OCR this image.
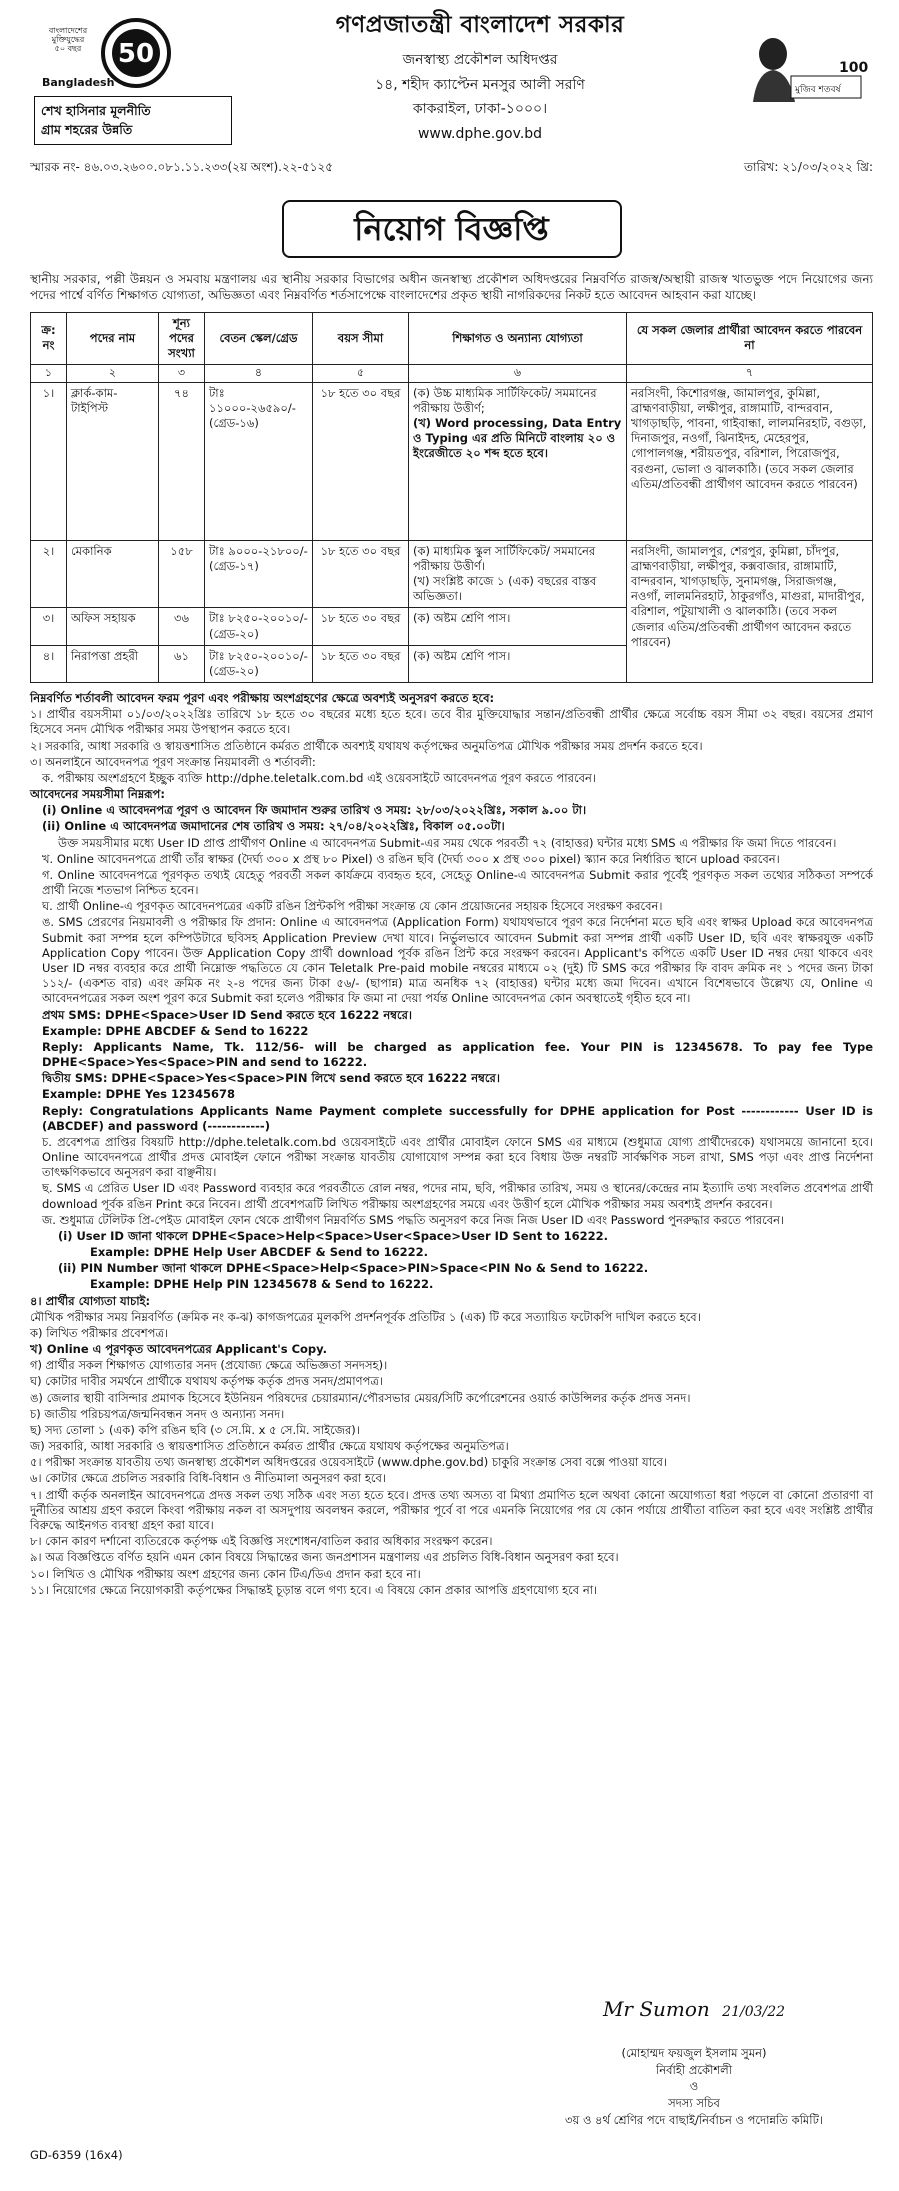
বাংলাদেশের
মুক্তিযুদ্ধের
৫০ বছর	50
Bangladesh
শেখ হাসিনার মূলনীতি
গ্রাম শহরের উন্নতি
গণপ্রজাতন্ত্রী বাংলাদেশ সরকার
জনস্বাস্থ্য প্রকৌশল অধিদপ্তর
১৪, শহীদ ক্যাপ্টেন মনসুর আলী সরণি
কাকরাইল, ঢাকা-১০০০।
www.dphe.gov.bd
মুজিব শতবর্ষ
100
স্মারক নং- ৪৬.০৩.২৬০০.০৮১.১১.২৩৩(২য় অংশ).২২-৫১২৫	তারিখ: ২১/০৩/২০২২ খ্রি:
নিয়োগ বিজ্ঞপ্তি
স্থানীয় সরকার, পল্লী উন্নয়ন ও সমবায় মন্ত্রণালয় এর স্থানীয় সরকার বিভাগের অধীন জনস্বাস্থ্য প্রকৌশল অধিদপ্তরের নিম্নবর্ণিত রাজস্ব/অস্থায়ী রাজস্ব খাতভুক্ত পদে নিয়োগের জন্য পদের পার্শ্বে বর্ণিত শিক্ষাগত যোগ্যতা, অভিজ্ঞতা এবং নিম্নবর্ণিত শর্তসাপেক্ষে বাংলাদেশের প্রকৃত স্থায়ী নাগরিকদের নিকট হতে আবেদন আহবান করা যাচ্ছে।
ক্র: নং	পদের নাম	শূন্য পদের সংখ্যা	বেতন স্কেল/গ্রেড	বয়স সীমা	শিক্ষাগত ও অন্যান্য যোগ্যতা	যে সকল জেলার প্রার্থীরা আবেদন করতে পারবেন না
১	২	৩	৪	৫	৬	৭
১।	ক্লার্ক-কাম-টাইপিস্ট	৭৪	টাঃ ১১০০০-২৬৫৯০/- (গ্রেড-১৬)	১৮ হতে ৩০ বছর	(ক) উচ্চ মাধ্যমিক সার্টিফিকেট/ সমমানের পরীক্ষায় উত্তীর্ণ;
(খ) Word processing, Data Entry ও Typing এর প্রতি মিনিটে বাংলায় ২০ ও ইংরেজীতে ২০ শব্দ হতে হবে।	নরসিংদী, কিশোরগঞ্জ, জামালপুর, কুমিল্লা, ব্রাহ্মণবাড়ীয়া, লক্ষীপুর, রাঙ্গামাটি, বান্দরবান, খাগড়াছড়ি, পাবনা, গাইবান্ধা, লালমনিরহাট, বগুড়া, দিনাজপুর, নওগাঁ, ঝিনাইদহ, মেহেরপুর, গোপালগঞ্জ, শরীয়তপুর, বরিশাল, পিরোজপুর, বরগুনা, ভোলা ও ঝালকাঠি। (তবে সকল জেলার এতিম/প্রতিবন্ধী প্রার্থীগণ আবেদন করতে পারবেন)
২।	মেকানিক	১৫৮	টাঃ ৯০০০-২১৮০০/- (গ্রেড-১৭)	১৮ হতে ৩০ বছর	(ক) মাধ্যমিক স্কুল সার্টিফিকেট/ সমমানের পরীক্ষায় উত্তীর্ণ।
(খ) সংশ্লিষ্ট কাজে ১ (এক) বছরের বাস্তব অভিজ্ঞতা।	নরসিংদী, জামালপুর, শেরপুর, কুমিল্লা, চাঁদপুর, ব্রাহ্মণবাড়ীয়া, লক্ষীপুর, কক্সবাজার, রাঙ্গামাটি, বান্দরবান, খাগড়াছড়ি, সুনামগঞ্জ, সিরাজগঞ্জ, নওগাঁ, লালমনিরহাট, ঠাকুরগাঁও, মাগুরা, মাদারীপুর, বরিশাল, পটুয়াখালী ও ঝালকাঠি। (তবে সকল জেলার এতিম/প্রতিবন্ধী প্রার্থীগণ আবেদন করতে পারবেন)
৩।	অফিস সহায়ক	৩৬	টাঃ ৮২৫০-২০০১০/- (গ্রেড-২০)	১৮ হতে ৩০ বছর	(ক) অষ্টম শ্রেণি পাস।	

৪।	নিরাপত্তা প্রহরী	৬১	টাঃ ৮২৫০-২০০১০/- (গ্রেড-২০)	১৮ হতে ৩০ বছর	(ক) অষ্টম শ্রেণি পাস।	

নিম্নবর্ণিত শর্তাবলী আবেদন ফরম পূরণ এবং পরীক্ষায় অংশগ্রহণের ক্ষেত্রে অবশ্যই অনুসরণ করতে হবে:

১। প্রার্থীর বয়সসীমা ০১/০৩/২০২২খ্রিঃ তারিখে ১৮ হতে ৩০ বছরের মধ্যে হতে হবে। তবে বীর মুক্তিযোদ্ধার সন্তান/প্রতিবন্ধী প্রার্থীর ক্ষেত্রে সর্বোচ্চ বয়স সীমা ৩২ বছর। বয়সের প্রমাণ হিসেবে সনদ মৌখিক পরীক্ষার সময় উপস্থাপন করতে হবে।

২। সরকারি, আধা সরকারি ও স্বায়ত্তশাসিত প্রতিষ্ঠানে কর্মরত প্রার্থীকে অবশ্যই যথাযথ কর্তৃপক্ষের অনুমতিপত্র মৌখিক পরীক্ষার সময় প্রদর্শন করতে হবে।

৩। অনলাইনে আবেদনপত্র পূরণ সংক্রান্ত নিয়মাবলী ও শর্তাবলী:

ক. পরীক্ষায় অংশগ্রহণে ইচ্ছুক ব্যক্তি http://dphe.teletalk.com.bd এই ওয়েবসাইটে আবেদনপত্র পূরণ করতে পারবেন।

আবেদনের সময়সীমা নিম্নরূপ:

(i) Online এ আবেদনপত্র পূরণ ও আবেদন ফি জমাদান শুরুর তারিখ ও সময়: ২৮/০৩/২০২২খ্রিঃ, সকাল ৯.০০ টা।

(ii) Online এ আবেদনপত্র জমাদানের শেষ তারিখ ও সময়: ২৭/০৪/২০২২খ্রিঃ, বিকাল ০৫.০০টা।

উক্ত সময়সীমার মধ্যে User ID প্রাপ্ত প্রার্থীগণ Online এ আবেদনপত্র Submit-এর সময় থেকে পরবর্তী ৭২ (বাহাত্তর) ঘন্টার মধ্যে SMS এ পরীক্ষার ফি জমা দিতে পারবেন।

খ. Online আবেদনপত্রে প্রার্থী তাঁর স্বাক্ষর (দৈর্ঘ্য ৩০০ x প্রস্থ ৮০ Pixel) ও রঙিন ছবি (দৈর্ঘ্য ৩০০ x প্রস্থ ৩০০ pixel) স্ক্যান করে নির্ধারিত স্থানে upload করবেন।

গ. Online আবেদনপত্রে পূরণকৃত তথ্যই যেহেতু পরবর্তী সকল কার্যক্রমে ব্যবহৃত হবে, সেহেতু Online-এ আবেদনপত্র Submit করার পূর্বেই পূরণকৃত সকল তথ্যের সঠিকতা সম্পর্কে প্রার্থী নিজে শতভাগ নিশ্চিত হবেন।

ঘ. প্রার্থী Online-এ পূরণকৃত আবেদনপত্রের একটি রঙিন প্রিন্টকপি পরীক্ষা সংক্রান্ত যে কোন প্রয়োজনের সহায়ক হিসেবে সংরক্ষণ করবেন।

ঙ. SMS প্রেরণের নিয়মাবলী ও পরীক্ষার ফি প্রদান: Online এ আবেদনপত্র (Application Form) যথাযথভাবে পূরণ করে নির্দেশনা মতে ছবি এবং স্বাক্ষর Upload করে আবেদনপত্র Submit করা সম্পন্ন হলে কম্পিউটারে ছবিসহ Application Preview দেখা যাবে। নির্ভুলভাবে আবেদন Submit করা সম্পন্ন প্রার্থী একটি User ID, ছবি এবং স্বাক্ষরযুক্ত একটি Application Copy পাবেন। উক্ত Application Copy প্রার্থী download পূর্বক রঙিন প্রিন্ট করে সংরক্ষণ করবেন। Applicant's কপিতে একটি User ID নম্বর দেয়া থাকবে এবং User ID নম্বর ব্যবহার করে প্রার্থী নিম্নোক্ত পদ্ধতিতে যে কোন Teletalk Pre-paid mobile নম্বরের মাধ্যমে ০২ (দুই) টি SMS করে পরীক্ষার ফি বাবদ ক্রমিক নং ১ পদের জন্য টাকা ১১২/- (একশত বার) এবং ক্রমিক নং ২-৪ পদের জন্য টাকা ৫৬/- (ছাপান্ন) মাত্র অনধিক ৭২ (বাহাত্তর) ঘন্টার মধ্যে জমা দিবেন। এখানে বিশেষভাবে উল্লেখ্য যে, Online এ আবেদনপত্রের সকল অংশ পূরণ করে Submit করা হলেও পরীক্ষার ফি জমা না দেয়া পর্যন্ত Online আবেদনপত্র কোন অবস্থাতেই গৃহীত হবে না।

প্রথম SMS: DPHE<Space>User ID Send করতে হবে 16222 নম্বরে।

Example: DPHE ABCDEF & Send to 16222

Reply: Applicants Name, Tk. 112/56- will be charged as application fee. Your PIN is 12345678. To pay fee Type DPHE<Space>Yes<Space>PIN and send to 16222.

দ্বিতীয় SMS: DPHE<Space>Yes<Space>PIN লিখে send করতে হবে 16222 নম্বরে।

Example: DPHE Yes 12345678

Reply: Congratulations Applicants Name Payment complete successfully for DPHE application for Post ------------ User ID is (ABCDEF) and password (------------)

চ. প্রবেশপত্র প্রাপ্তির বিষয়টি http://dphe.teletalk.com.bd ওয়েবসাইটে এবং প্রার্থীর মোবাইল ফোনে SMS এর মাধ্যমে (শুধুমাত্র যোগ্য প্রার্থীদেরকে) যথাসময়ে জানানো হবে। Online আবেদনপত্রে প্রার্থীর প্রদত্ত মোবাইল ফোনে পরীক্ষা সংক্রান্ত যাবতীয় যোগাযোগ সম্পন্ন করা হবে বিধায় উক্ত নম্বরটি সার্বক্ষণিক সচল রাখা, SMS পড়া এবং প্রাপ্ত নির্দেশনা তাৎক্ষণিকভাবে অনুসরণ করা বাঞ্ছনীয়।

ছ. SMS এ প্রেরিত User ID এবং Password ব্যবহার করে পরবর্তীতে রোল নম্বর, পদের নাম, ছবি, পরীক্ষার তারিখ, সময় ও স্থানের/কেন্দ্রের নাম ইত্যাদি তথ্য সংবলিত প্রবেশপত্র প্রার্থী download পূর্বক রঙিন Print করে নিবেন। প্রার্থী প্রবেশপত্রটি লিখিত পরীক্ষায় অংশগ্রহণের সময়ে এবং উত্তীর্ণ হলে মৌখিক পরীক্ষার সময় অবশ্যই প্রদর্শন করবেন।

জ. শুধুমাত্র টেলিটক প্রি-পেইড মোবাইল ফোন থেকে প্রার্থীগণ নিম্নবর্ণিত SMS পদ্ধতি অনুসরণ করে নিজ নিজ User ID এবং Password পুনরুদ্ধার করতে পারবেন।

(i) User ID জানা থাকলে DPHE<Space>Help<Space>User<Space>User ID Sent to 16222.

Example: DPHE Help User ABCDEF & Send to 16222.

(ii) PIN Number জানা থাকলে DPHE<Space>Help<Space>PIN>Space<PIN No & Send to 16222.

Example: DPHE Help PIN 12345678 & Send to 16222.

৪। প্রার্থীর যোগ্যতা যাচাই:

মৌখিক পরীক্ষার সময় নিম্নবর্ণিত (ক্রমিক নং ক-ঝ) কাগজপত্রের মূলকপি প্রদর্শনপূর্বক প্রতিটির ১ (এক) টি করে সত্যায়িত ফটোকপি দাখিল করতে হবে।

ক) লিখিত পরীক্ষার প্রবেশপত্র।

খ) Online এ পূরণকৃত আবেদনপত্রের Applicant's Copy.

গ) প্রার্থীর সকল শিক্ষাগত যোগ্যতার সনদ (প্রযোজ্য ক্ষেত্রে অভিজ্ঞতা সনদসহ)।

ঘ) কোটার দাবীর সমর্থনে প্রার্থীকে যথাযথ কর্তৃপক্ষ কর্তৃক প্রদত্ত সনদ/প্রমাণপত্র।

ঙ) জেলার স্থায়ী বাসিন্দার প্রমাণক হিসেবে ইউনিয়ন পরিষদের চেয়ারম্যান/পৌরসভার মেয়র/সিটি কর্পোরেশনের ওয়ার্ড কাউন্সিলর কর্তৃক প্রদত্ত সনদ।

চ) জাতীয় পরিচয়পত্র/জন্মনিবন্ধন সনদ ও অন্যান্য সনদ।

ছ) সদ্য তোলা ১ (এক) কপি রঙিন ছবি (৩ সে.মি. x ৫ সে.মি. সাইজের)।

জ) সরকারি, আধা সরকারি ও স্বায়ত্তশাসিত প্রতিষ্ঠানে কর্মরত প্রার্থীর ক্ষেত্রে যথাযথ কর্তৃপক্ষের অনুমতিপত্র।

৫। পরীক্ষা সংক্রান্ত যাবতীয় তথ্য জনস্বাস্থ্য প্রকৌশল অধিদপ্তরের ওয়েবসাইটে (www.dphe.gov.bd) চাকুরি সংক্রান্ত সেবা বক্সে পাওয়া যাবে।

৬। কোটার ক্ষেত্রে প্রচলিত সরকারি বিধি-বিধান ও নীতিমালা অনুসরণ করা হবে।

৭। প্রার্থী কর্তৃক অনলাইন আবেদনপত্রে প্রদত্ত সকল তথ্য সঠিক এবং সত্য হতে হবে। প্রদত্ত তথ্য অসত্য বা মিথ্যা প্রমাণিত হলে অথবা কোনো অযোগ্যতা ধরা পড়লে বা কোনো প্রতারণা বা দুর্নীতির আশ্রয় গ্রহণ করলে কিংবা পরীক্ষায় নকল বা অসদুপায় অবলম্বন করলে, পরীক্ষার পূর্বে বা পরে এমনকি নিয়োগের পর যে কোন পর্যায়ে প্রার্থীতা বাতিল করা হবে এবং সংশ্লিষ্ট প্রার্থীর বিরুদ্ধে আইনগত ব্যবস্থা গ্রহণ করা যাবে।

৮। কোন কারণ দর্শানো ব্যতিরেকে কর্তৃপক্ষ এই বিজ্ঞপ্তি সংশোধন/বাতিল করার অধিকার সংরক্ষণ করেন।

৯। অত্র বিজ্ঞপ্তিতে বর্ণিত হয়নি এমন কোন বিষয়ে সিদ্ধান্তের জন্য জনপ্রশাসন মন্ত্রণালয় এর প্রচলিত বিধি-বিধান অনুসরণ করা হবে।

১০। লিখিত ও মৌখিক পরীক্ষায় অংশ গ্রহণের জন্য কোন টিএ/ডিএ প্রদান করা হবে না।

১১। নিয়োগের ক্ষেত্রে নিয়োগকারী কর্তৃপক্ষের সিদ্ধান্তই চূড়ান্ত বলে গণ্য হবে। এ বিষয়ে কোন প্রকার আপত্তি গ্রহণযোগ্য হবে না।

Mr Sumon 21/03/22
(মোহাম্মদ ফয়জুল ইসলাম সুমন)
নির্বাহী প্রকৌশলী
ও
সদস্য সচিব
৩য় ও ৪র্থ শ্রেণির পদে বাছাই/নির্বাচন ও পদোন্নতি কমিটি।
GD-6359 (16x4)
